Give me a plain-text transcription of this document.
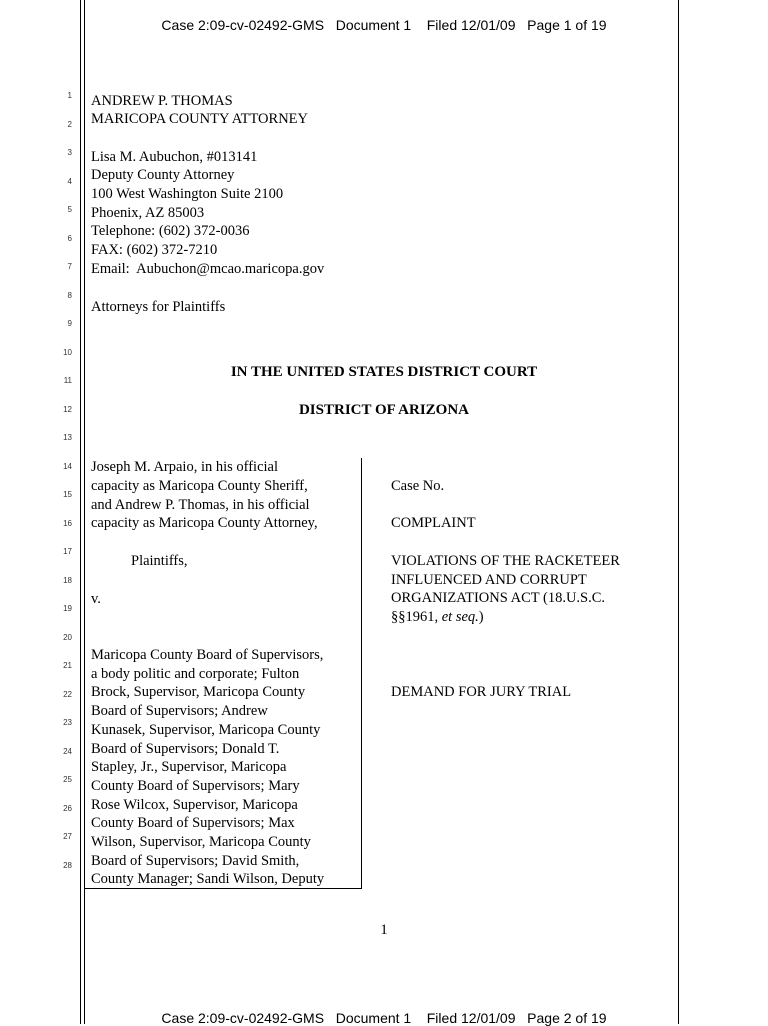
Case 2:09-cv-02492-GMS   Document 1    Filed 12/01/09   Page 1 of 19
1
2
3
4
5
6
7
8
9
10
11
12
13
14
15
16
17
18
19
20
21
22
23
24
25
26
27
28
ANDREW P. THOMAS
MARICOPA COUNTY ATTORNEY
Lisa M. Aubuchon, #013141
Deputy County Attorney
100 West Washington Suite 2100
Phoenix, AZ 85003
Telephone: (602) 372-0036
FAX: (602) 372-7210
Email:  Aubuchon@mcao.maricopa.gov
Attorneys for Plaintiffs
IN THE UNITED STATES DISTRICT COURT
DISTRICT OF ARIZONA
Joseph M. Arpaio, in his official
capacity as Maricopa County Sheriff,
and Andrew P. Thomas, in his official
capacity as Maricopa County Attorney,
Plaintiffs,
v.
Maricopa County Board of Supervisors,
a body politic and corporate; Fulton
Brock, Supervisor, Maricopa County
Board of Supervisors; Andrew
Kunasek, Supervisor, Maricopa County
Board of Supervisors; Donald T.
Stapley, Jr., Supervisor, Maricopa
County Board of Supervisors; Mary
Rose Wilcox, Supervisor, Maricopa
County Board of Supervisors; Max
Wilson, Supervisor, Maricopa County
Board of Supervisors; David Smith,
County Manager; Sandi Wilson, Deputy
Case No.
COMPLAINT
VIOLATIONS OF THE RACKETEER
INFLUENCED AND CORRUPT
ORGANIZATIONS ACT (18.U.S.C.
§§1961, et seq.)
DEMAND FOR JURY TRIAL
1
Case 2:09-cv-02492-GMS   Document 1    Filed 12/01/09   Page 2 of 19
